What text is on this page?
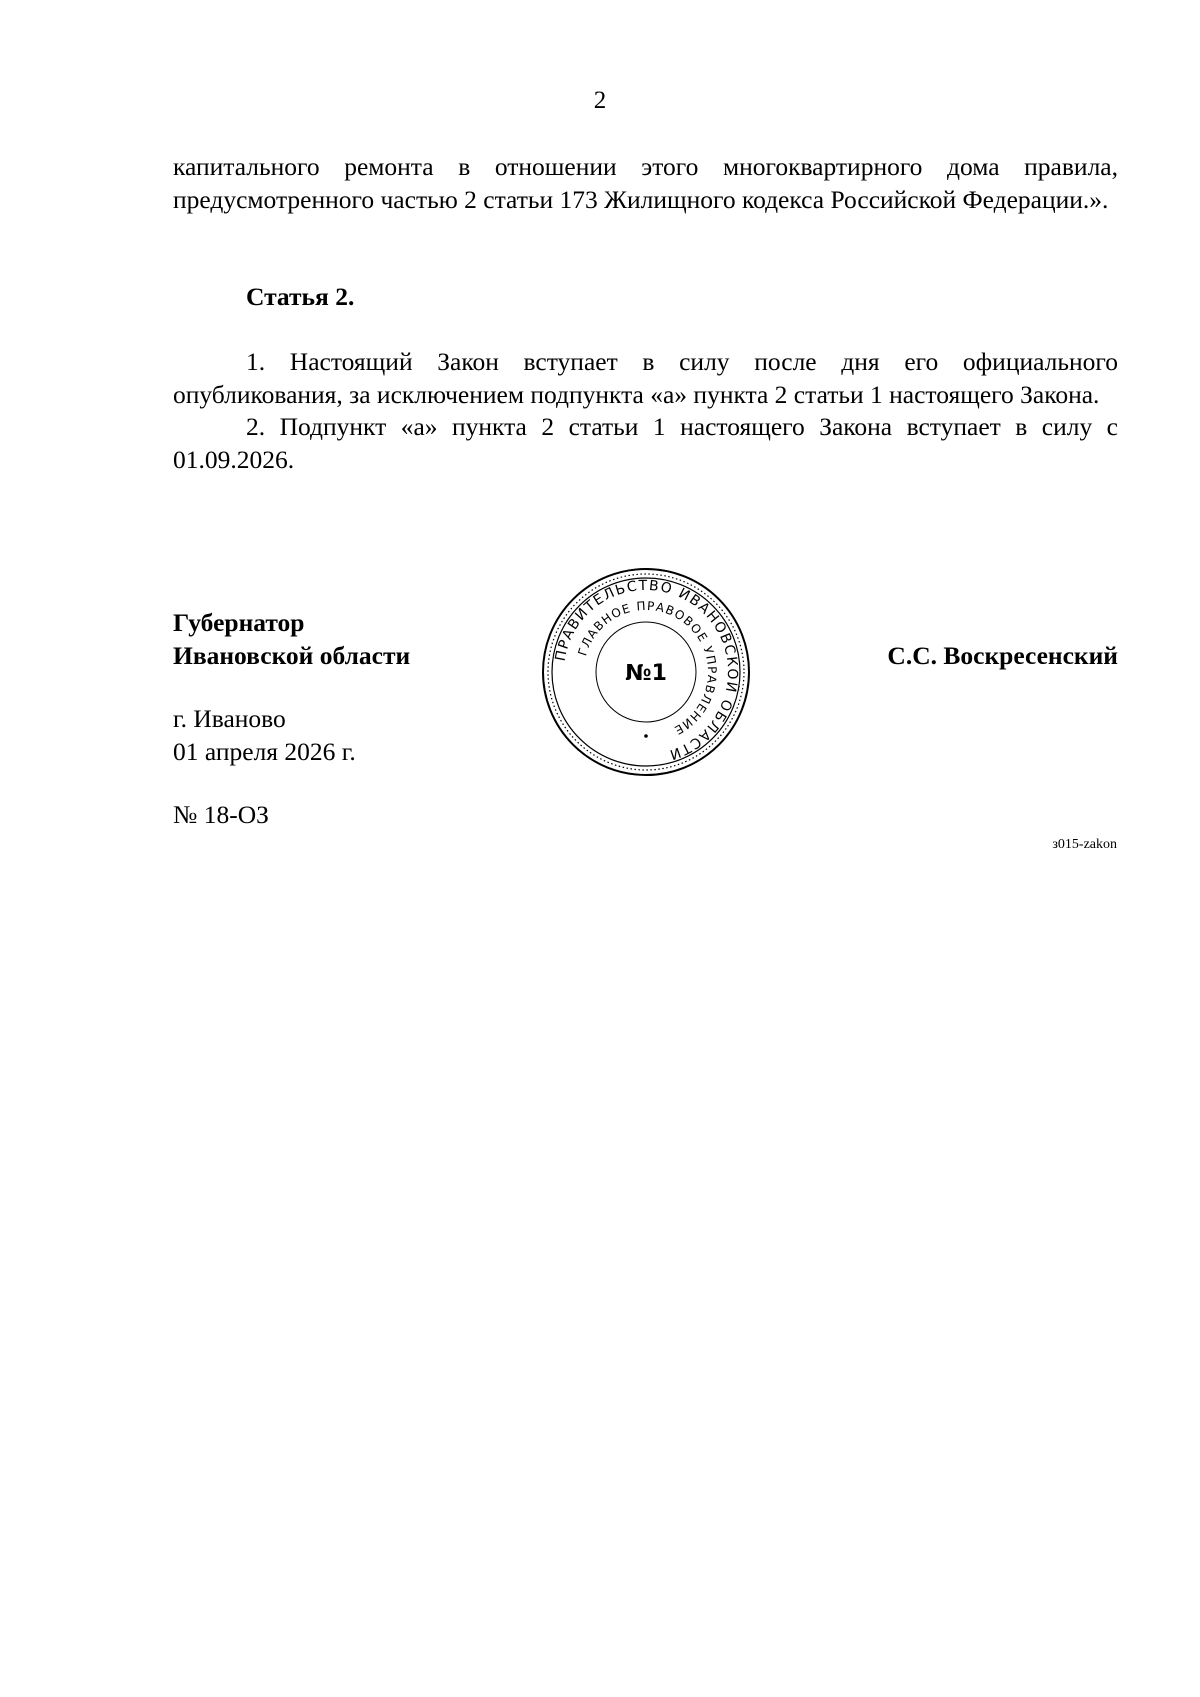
2

капитального ремонта в отношении этого многоквартирного дома правила, предусмотренного частью 2 статьи 173 Жилищного кодекса Российской Федерации.».

Статья 2.

1. Настоящий Закон вступает в силу после дня его официального опубликования, за исключением подпункта «а» пункта 2 статьи 1 настоящего Закона.

2. Подпункт «а» пункта 2 статьи 1 настоящего Закона вступает в силу с 01.09.2026.

Губернатор
Ивановской области	ПРАВИТЕЛЬСТВО ИВАНОВСКОЙ ОБЛАСТИ
ГЛАВНОЕ ПРАВОВОЕ УПРАВЛЕНИЕ
№1
С.С. Воскресенский
г. Иваново
01 апреля 2026 г.
№ 18-ОЗ
з015-zakon
